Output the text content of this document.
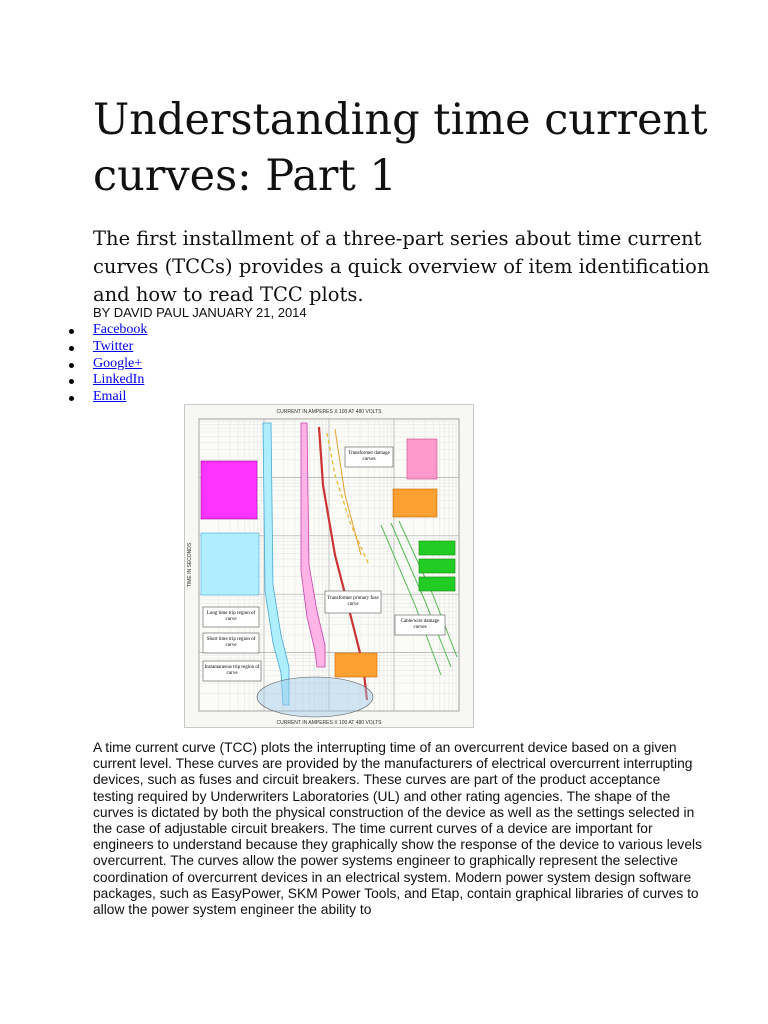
Understanding time current curves: Part 1

The first installment of a three-part series about time current curves (TCCs) provides a quick overview of item identification and how to read TCC plots.

BY DAVID PAUL JANUARY 21, 2014
Facebook
Twitter
Google+
LinkedIn
Email
CURRENT IN AMPERES X 100 AT 480 VOLTS
CURRENT IN AMPERES X 100 AT 480 VOLTS
TIME IN SECONDS
Transformer damage curves
Transformer primary fuse curve
Cable/wire damage curves
Long time trip region of curve
Short time trip region of curve
Instantaneous trip region of curve

A time current curve (TCC) plots the interrupting time of an overcurrent device based on a given current level. These curves are provided by the manufacturers of electrical overcurrent interrupting devices, such as fuses and circuit breakers. These curves are part of the product acceptance testing required by Underwriters Laboratories (UL) and other rating agencies. The shape of the curves is dictated by both the physical construction of the device as well as the settings selected in the case of adjustable circuit breakers. The time current curves of a device are important for engineers to understand because they graphically show the response of the device to various levels overcurrent. The curves allow the power systems engineer to graphically represent the selective coordination of overcurrent devices in an electrical system. Modern power system design software packages, such as EasyPower, SKM Power Tools, and Etap, contain graphical libraries of curves to allow the power system engineer the ability to
